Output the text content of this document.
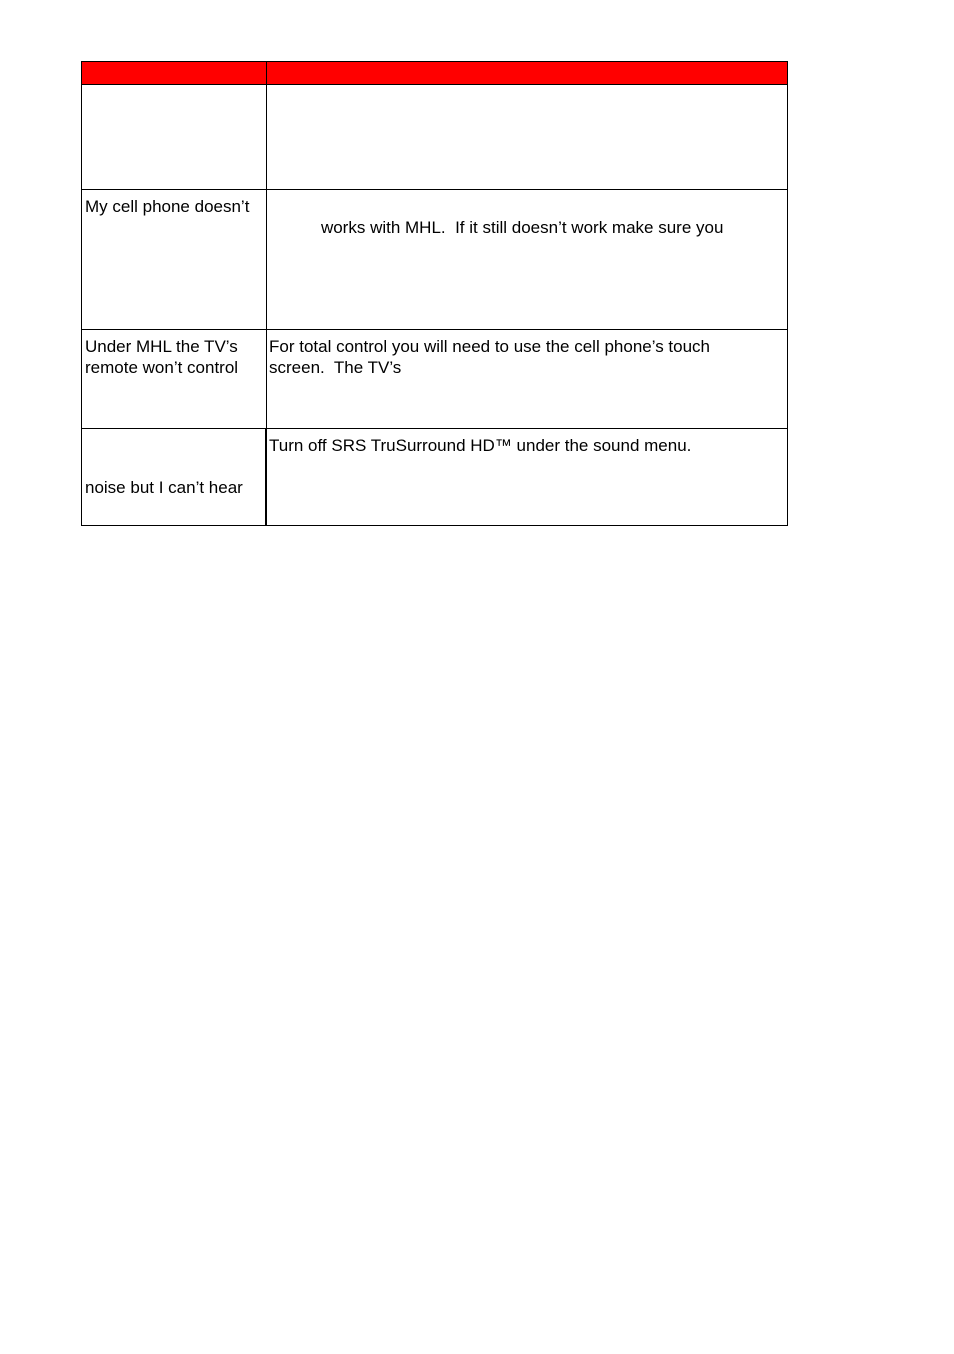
My cell phone doesn’t
works with MHL.  If it still doesn’t work make sure you
Under MHL the TV’s
remote won’t control
For total control you will need to use the cell phone’s touch
screen.  The TV’s

noise but I can’t hear
Turn off SRS TruSurround HD™ under the sound menu.
